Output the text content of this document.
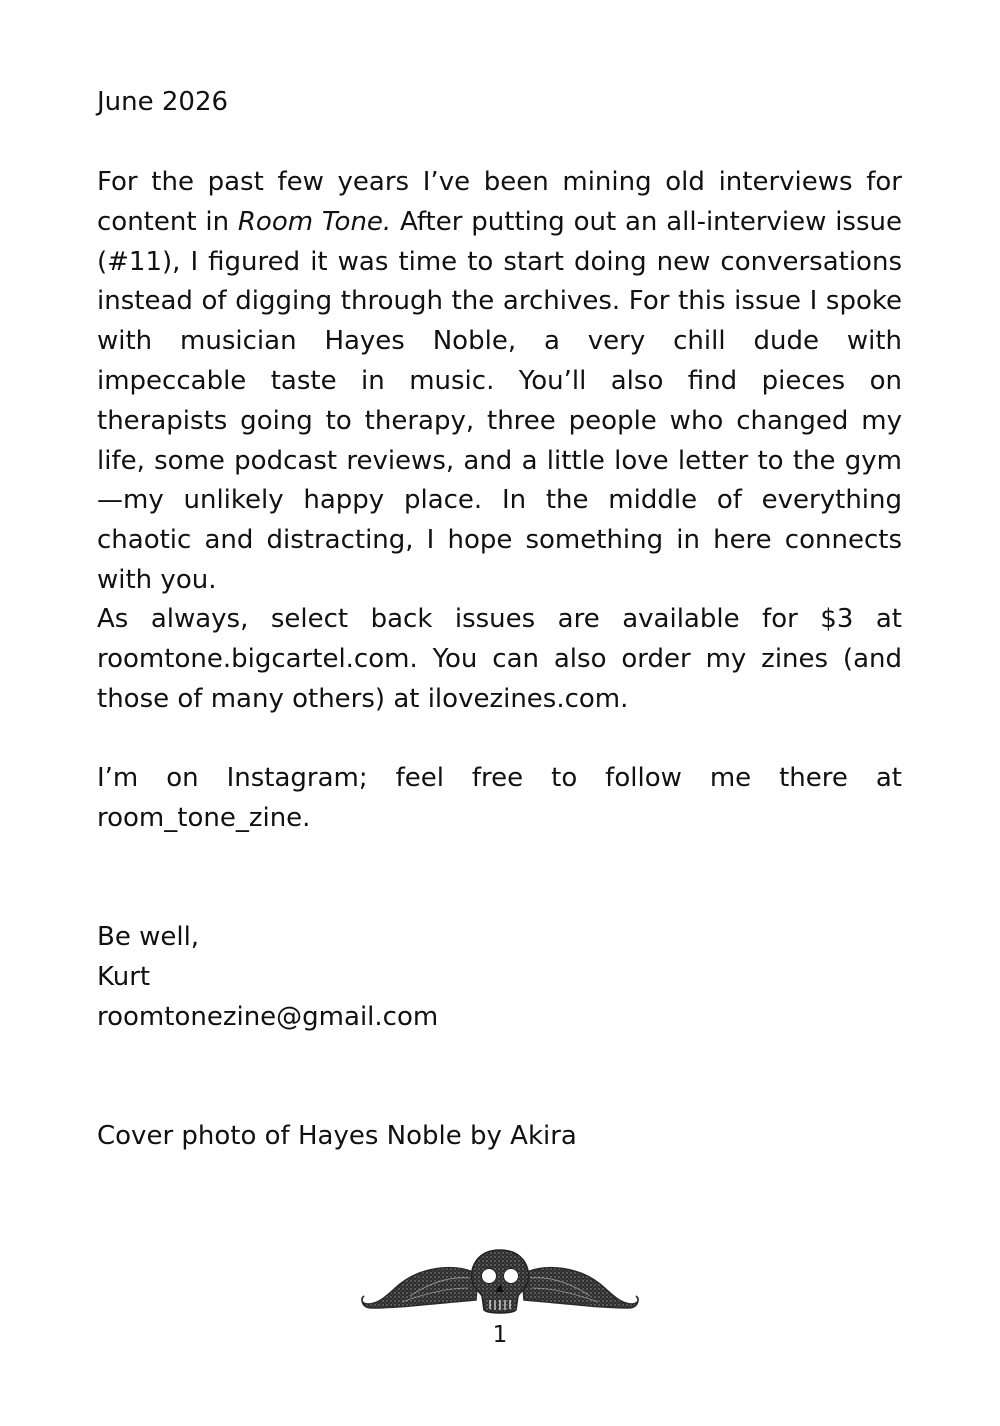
June 2026

For the past few years I’ve been mining old interviews for content in Room Tone. After putting out an all-interview issue (#11), I figured it was time to start doing new conversations instead of digging through the archives. For this issue I spoke with musician Hayes Noble, a very chill dude with impeccable taste in music. You’ll also find pieces on therapists going to therapy, three people who changed my life, some podcast reviews, and a little love letter to the gym—my unlikely happy place. In the middle of everything chaotic and distracting, I hope something in here connects with you.

As always, select back issues are available for $3 at roomtone.bigcartel.com. You can also order my zines (and those of many others) at ilovezines.com.

I’m on Instagram; feel free to follow me there at room_tone_zine.

Be well,
Kurt
roomtonezine@gmail.com
Cover photo of Hayes Noble by Akira
1
